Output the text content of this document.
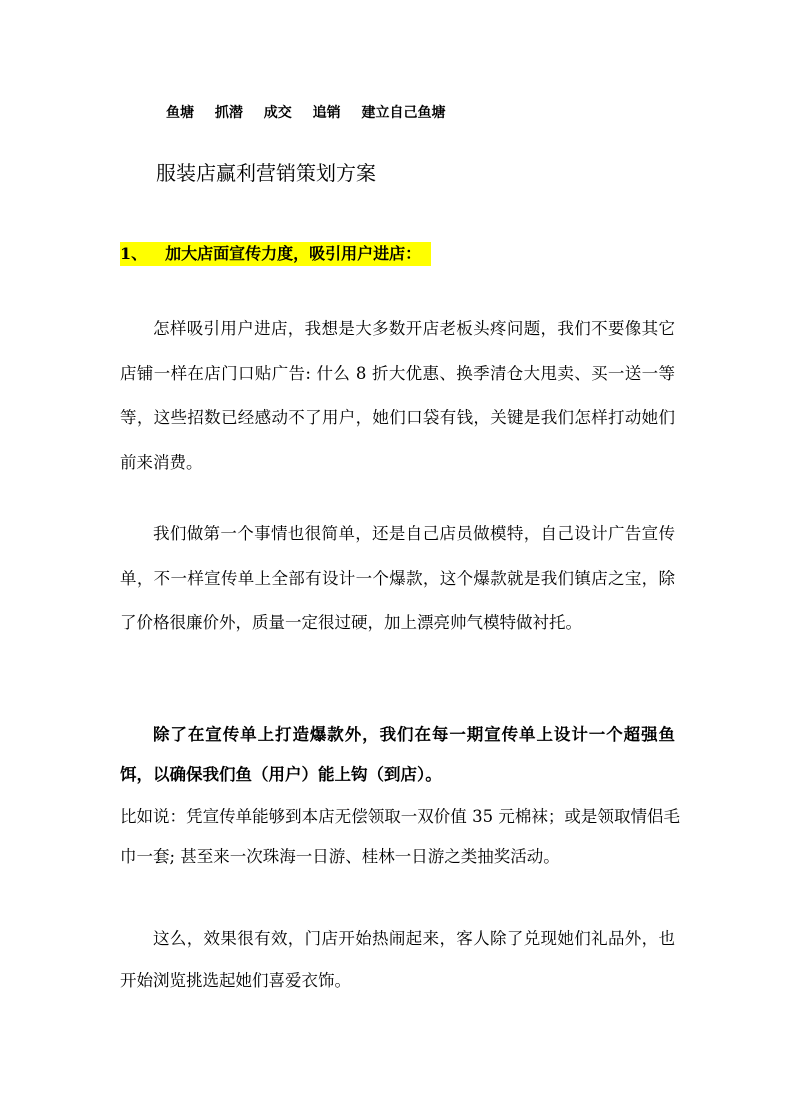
鱼塘 抓潜 成交 追销 建立自己鱼塘
服装店赢利营销策划方案
1、 加大店面宣传力度，吸引用户进店：
怎样吸引用户进店，我想是大多数开店老板头疼问题，我们不要像其它店铺一样在店门口贴广告: 什么 8 折大优惠、换季清仓大甩卖、买一送一等等，这些招数已经感动不了用户，她们口袋有钱，关键是我们怎样打动她们前来消费。
我们做第一个事情也很简单，还是自己店员做模特，自己设计广告宣传单，不一样宣传单上全部有设计一个爆款，这个爆款就是我们镇店之宝，除了价格很廉价外，质量一定很过硬，加上漂亮帅气模特做衬托。
除了在宣传单上打造爆款外，我们在每一期宣传单上设计一个超强鱼饵，以确保我们鱼（用户）能上钩（到店）。
比如说：凭宣传单能够到本店无偿领取一双价值 35 元棉袜；或是领取情侣毛巾一套; 甚至来一次珠海一日游、桂林一日游之类抽奖活动。
这么，效果很有效，门店开始热闹起来，客人除了兑现她们礼品外，也开始浏览挑选起她们喜爱衣饰。
